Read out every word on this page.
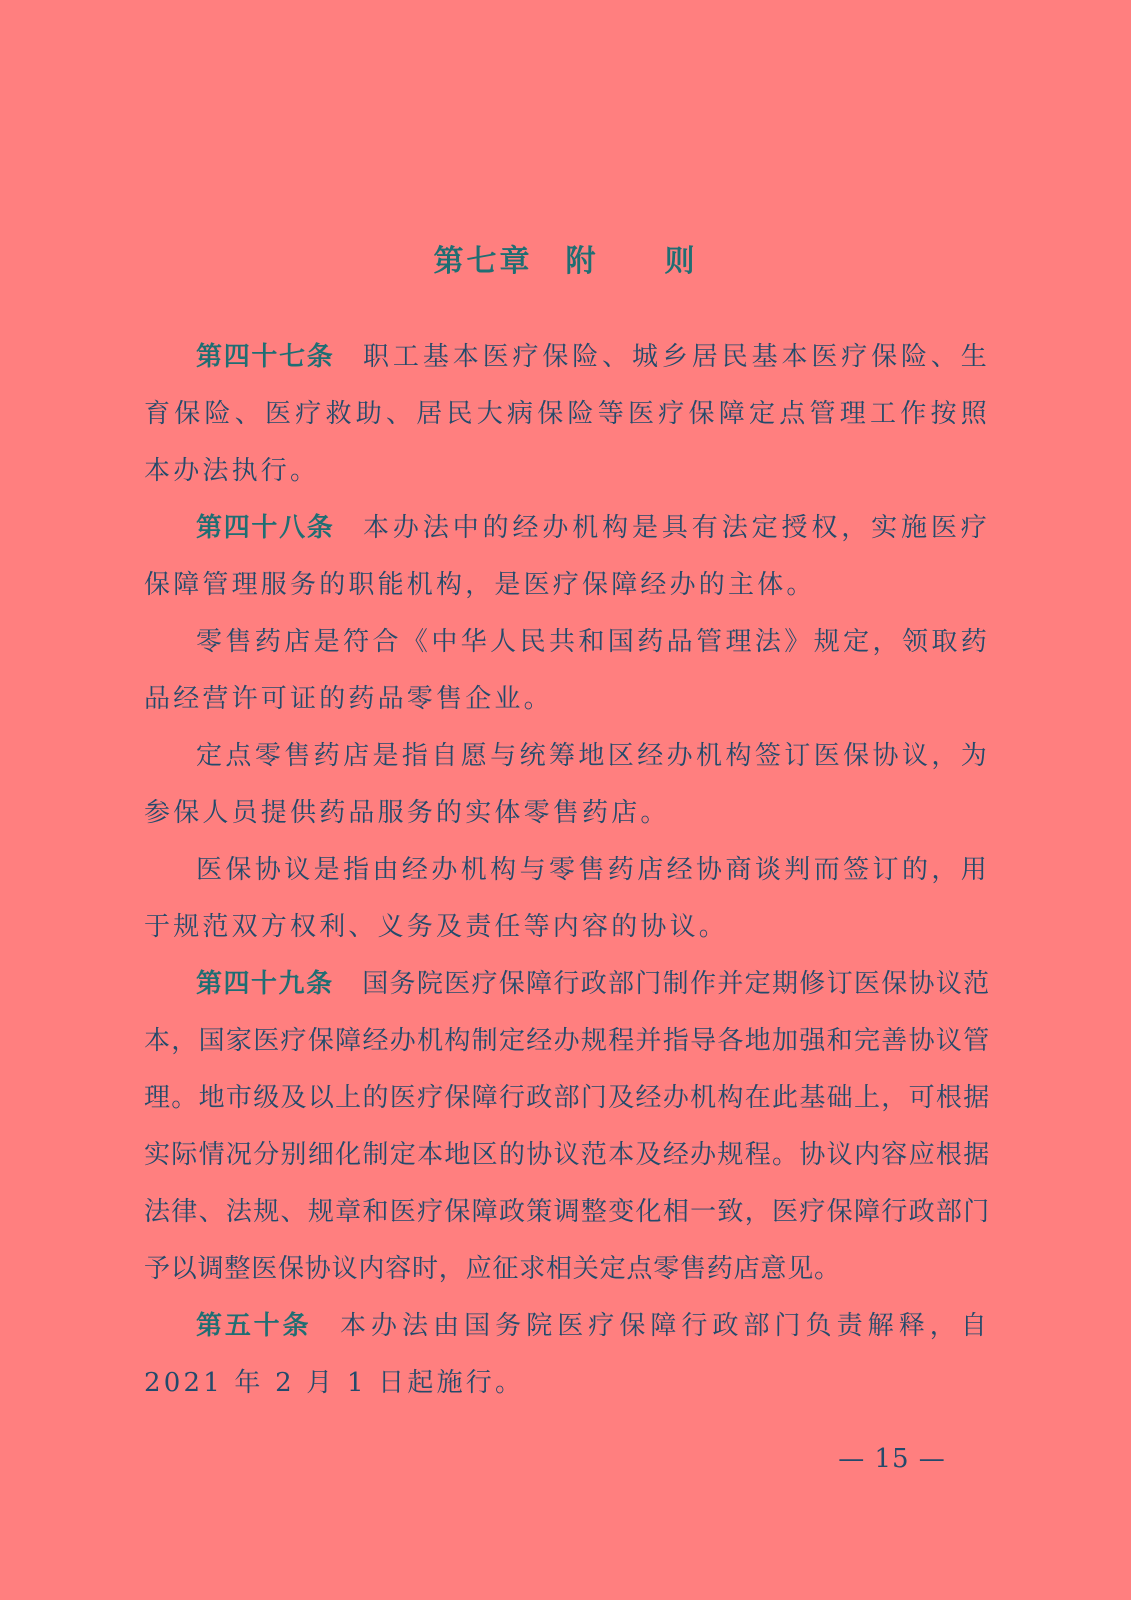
第七章　附　　则

第四十七条 职工基本医疗保险、城乡居民基本医疗保险、生育保险、医疗救助、居民大病保险等医疗保障定点管理工作按照本办法执行。

第四十八条 本办法中的经办机构是具有法定授权，实施医疗保障管理服务的职能机构，是医疗保障经办的主体。

零售药店是符合《中华人民共和国药品管理法》规定，领取药品经营许可证的药品零售企业。

定点零售药店是指自愿与统筹地区经办机构签订医保协议，为参保人员提供药品服务的实体零售药店。

医保协议是指由经办机构与零售药店经协商谈判而签订的，用于规范双方权利、义务及责任等内容的协议。

第四十九条 国务院医疗保障行政部门制作并定期修订医保协议范本，国家医疗保障经办机构制定经办规程并指导各地加强和完善协议管理。地市级及以上的医疗保障行政部门及经办机构在此基础上，可根据实际情况分别细化制定本地区的协议范本及经办规程。协议内容应根据法律、法规、规章和医疗保障政策调整变化相一致，医疗保障行政部门予以调整医保协议内容时，应征求相关定点零售药店意见。

第五十条 本办法由国务院医疗保障行政部门负责解释，自2021 年 2 月 1 日起施行。

— 15 —
